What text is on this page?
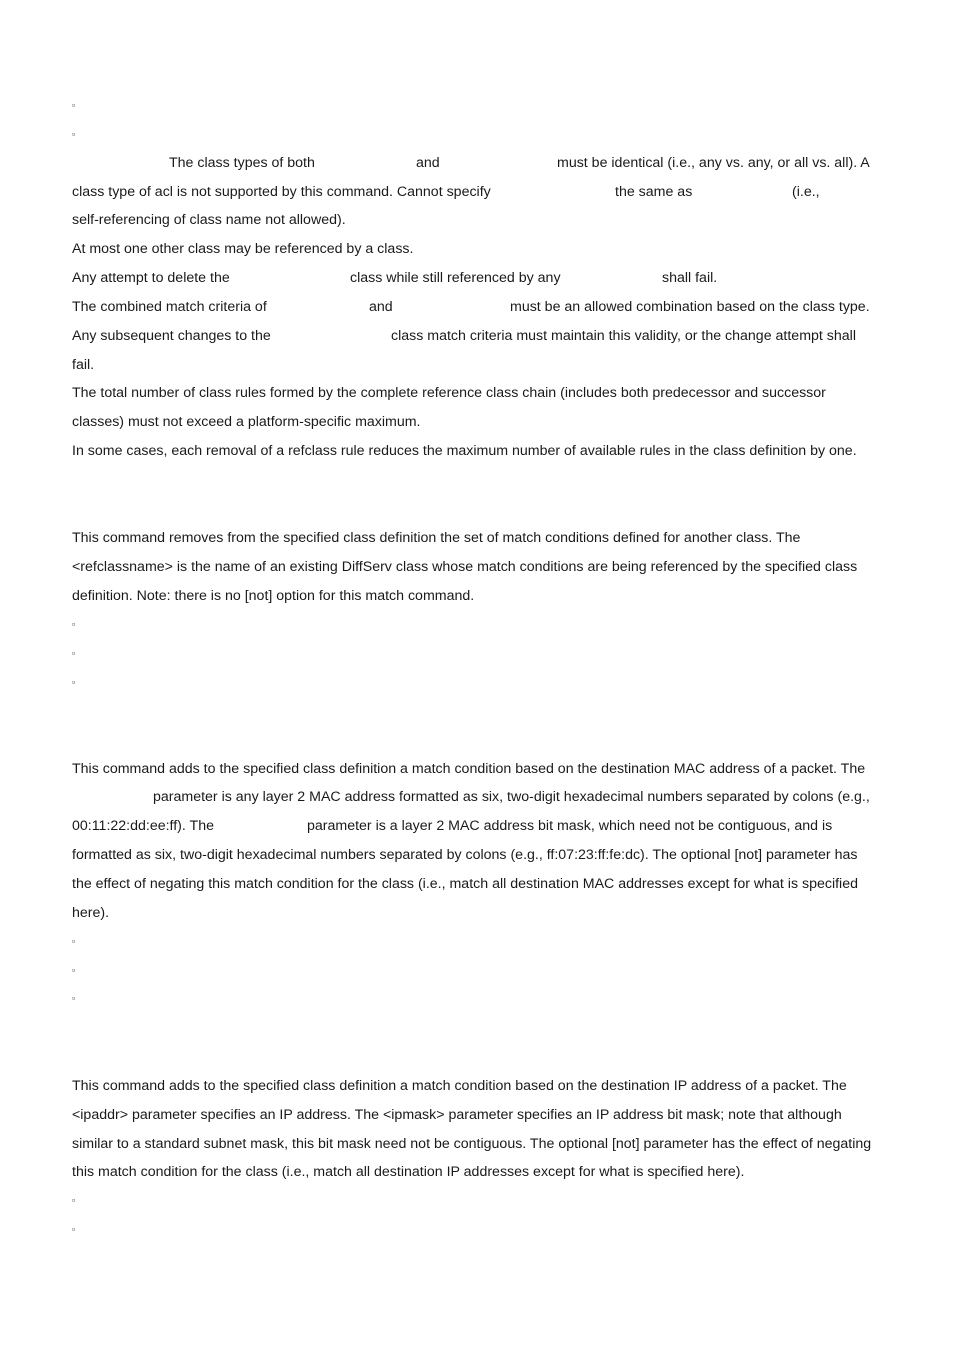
▫
▫
The class types of both	and	must be identical (i.e., any vs. any, or all vs. all). A
class type of acl is not supported by this command. Cannot specify	the same as	(i.e.,
self-referencing of class name not allowed).
At most one other class may be referenced by a class.
Any attempt to delete the	class while still referenced by any	shall fail.
The combined match criteria of	and	must be an allowed combination based on the class type.
Any subsequent changes to the	class match criteria must maintain this validity, or the change attempt shall
fail.
The total number of class rules formed by the complete reference class chain (includes both predecessor and successor
classes) must not exceed a platform-specific maximum.
In some cases, each removal of a refclass rule reduces the maximum number of available rules in the class definition by one.
This command removes from the specified class definition the set of match conditions defined for another class. The
<refclassname> is the name of an existing DiffServ class whose match conditions are being referenced by the specified class
definition. Note: there is no [not] option for this match command.
▫
▫
▫
This command adds to the specified class definition a match condition based on the destination MAC address of a packet. The
parameter is any layer 2 MAC address formatted as six, two-digit hexadecimal numbers separated by colons (e.g.,
00:11:22:dd:ee:ff). The	parameter is a layer 2 MAC address bit mask, which need not be contiguous, and is
formatted as six, two-digit hexadecimal numbers separated by colons (e.g., ff:07:23:ff:fe:dc). The optional [not] parameter has
the effect of negating this match condition for the class (i.e., match all destination MAC addresses except for what is specified
here).
▫
▫
▫
This command adds to the specified class definition a match condition based on the destination IP address of a packet. The
<ipaddr> parameter specifies an IP address. The <ipmask> parameter specifies an IP address bit mask; note that although
similar to a standard subnet mask, this bit mask need not be contiguous. The optional [not] parameter has the effect of negating
this match condition for the class (i.e., match all destination IP addresses except for what is specified here).
▫
▫
